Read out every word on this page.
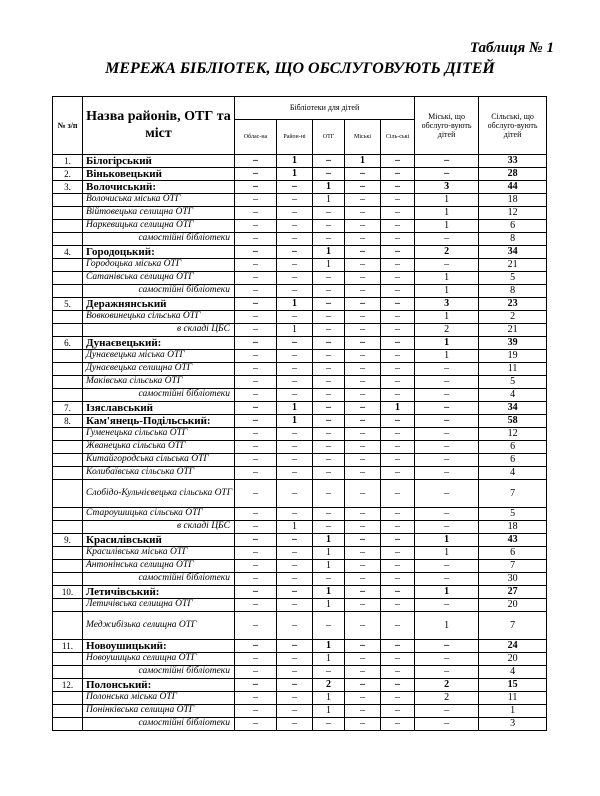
Таблиця № 1
МЕРЕЖА БІБЛІОТЕК, ЩО ОБСЛУГОВУЮТЬ ДІТЕЙ
№ з/п	Назва районів, ОТГ та міст	Бібліотеки для дітей					Міські, що обслуго-вують дітей	Сільські, що обслуго-вують дітей
		Облас-на	Район-ні	ОТГ	Міські	Сіль-ські		
1.	Білогірський	–	1	–	1	–	–	33
2.	Віньковецький	–	1	–	–	–	–	28
3.	Волочиський:	–	–	1	–	–	3	44
	Волочиська міська ОТГ	–	–	1	–	–	1	18
	Війтовецька селищна ОТГ	–	–	–	–	–	1	12
	Наркевицька селищна ОТГ	–	–	–	–	–	1	6
	самостійні бібліотеки	–	–	–	–	–	–	8
4.	Городоцький:	–	–	1	–	–	2	34
	Городоцька міська ОТГ	–	–	1	–	–	–	21
	Сатанівська селищна ОТГ	–	–	–	–	–	1	5
	самостійні бібліотеки	–	–	–	–	–	1	8
5.	Деражнянський	–	1	–	–	–	3	23
	Вовковинецька сільська ОТГ	–	–	–	–	–	1	2
	в складі ЦБС	–	1	–	–	–	2	21
6.	Дунаєвецький:	–	–	–	–	–	1	39
	Дунаєвецька міська ОТГ	–	–	–	–	–	1	19
	Дунаєвецька селищна ОТГ	–	–	–	–	–	–	11
	Маківська сільська ОТГ	–	–	–	–	–	–	5
	самостійні бібліотеки	–	–	–	–	–	–	4
7.	Ізяславський	–	1	–	–	1	–	34
8.	Кам'янець-Подільський:	–	1	–	–	–	–	58
	Гуменецька сільська ОТГ	–	–	–	–	–	–	12
	Жванецька сільська ОТГ	–	–	–	–	–	–	6
	Китайгородська сільська ОТГ	–	–	–	–	–	–	6
	Колибаївська сільська ОТГ	–	–	–	–	–	–	4
	Слобідо-Кульчієвецька сільська ОТГ	–	–	–	–	–	–	7
	Староушицька сільська ОТГ	–	–	–	–	–	–	5
	в складі ЦБС	–	1	–	–	–	–	18
9.	Красилівський	–	–	1	–	–	1	43
	Красилівська міська ОТГ	–	–	1	–	–	1	6
	Антонінська селищна ОТГ	–	–	1	–	–	–	7
	самостійні бібліотеки	–	–	–	–	–	–	30
10.	Летичівський:	–	–	1	–	–	1	27
	Летичівська селищна ОТГ	–	–	1	–	–	–	20
	Меджибізька селищна ОТГ	–	–	–	–	–	1	7
11.	Новоушицький:	–	–	1	–	–	–	24
	Новоушицька селищна ОТГ	–	–	1	–	–	–	20
	самостійні бібліотеки	–	–	–	–	–	–	4
12.	Полонський:	–	–	2	–	–	2	15
	Полонська міська ОТГ	–	–	1	–	–	2	11
	Понінківська селищна ОТГ	–	–	1	–	–	–	1
	самостійні бібліотеки	–	–	–	–	–	–	3
